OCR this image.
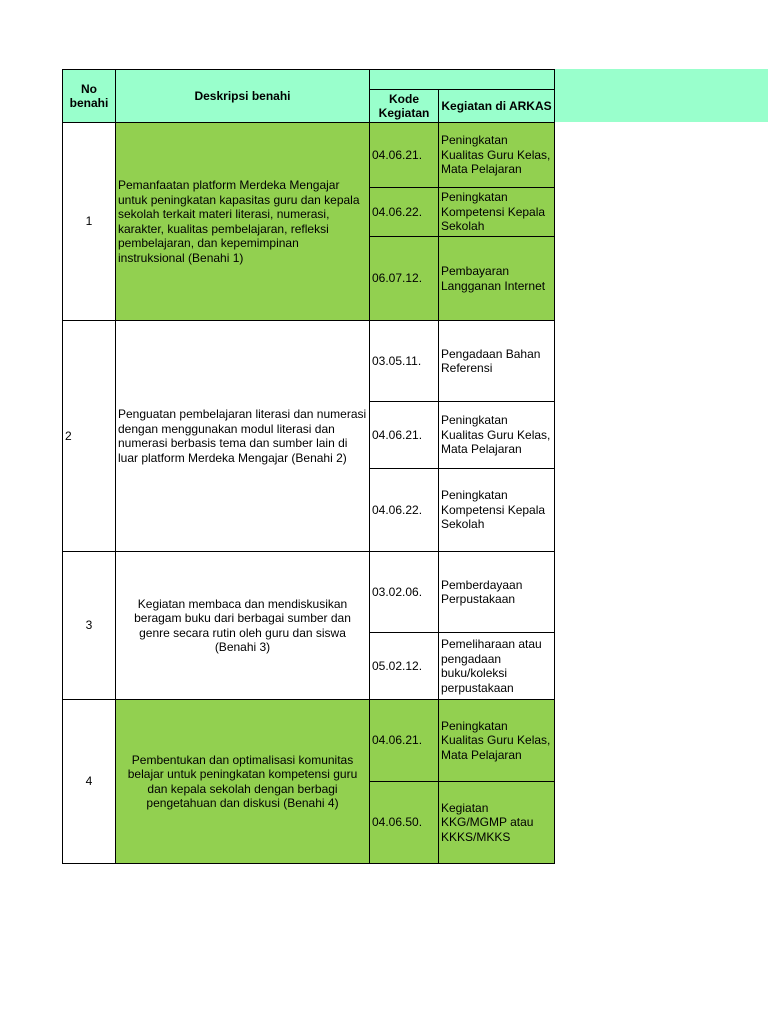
No benahi	Deskripsi benahi		
		Kode Kegiatan	Kegiatan di ARKAS
1	Pemanfaatan platform Merdeka Mengajar untuk peningkatan kapasitas guru dan kepala sekolah terkait materi literasi, numerasi, karakter, kualitas pembelajaran, refleksi pembelajaran, dan kepemimpinan instruksional (Benahi 1)	04.06.21.	Peningkatan Kualitas Guru Kelas, Mata Pelajaran
		04.06.22.	Peningkatan Kompetensi Kepala Sekolah
		06.07.12.	Pembayaran Langganan Internet
2	Penguatan pembelajaran literasi dan numerasi dengan menggunakan modul literasi dan numerasi berbasis tema dan sumber lain di luar platform Merdeka Mengajar (Benahi 2)	03.05.11.	Pengadaan Bahan Referensi
		04.06.21.	Peningkatan Kualitas Guru Kelas, Mata Pelajaran
		04.06.22.	Peningkatan Kompetensi Kepala Sekolah
3	Kegiatan membaca dan mendiskusikan beragam buku dari berbagai sumber dan genre secara rutin oleh guru dan siswa (Benahi 3)	03.02.06.	Pemberdayaan Perpustakaan
		05.02.12.	Pemeliharaan atau pengadaan buku/koleksi perpustakaan
4	Pembentukan dan optimalisasi komunitas belajar untuk peningkatan kompetensi guru dan kepala sekolah dengan berbagi pengetahuan dan diskusi (Benahi 4)	04.06.21.	Peningkatan Kualitas Guru Kelas, Mata Pelajaran
		04.06.50.	Kegiatan KKG/MGMP atau KKKS/MKKS
